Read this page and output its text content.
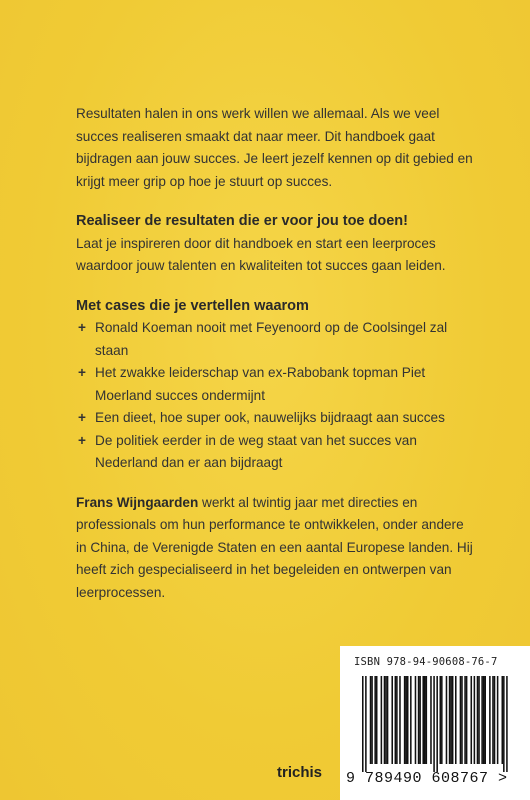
Resultaten halen in ons werk willen we allemaal. Als we veel succes realiseren smaakt dat naar meer. Dit handboek gaat bijdragen aan jouw succes. Je leert jezelf kennen op dit gebied en krijgt meer grip op hoe je stuurt op succes.

Realiseer de resultaten die er voor jou toe doen!

Laat je inspireren door dit handboek en start een leerproces waardoor jouw talenten en kwaliteiten tot succes gaan leiden.

Met cases die je vertellen waarom
+ Ronald Koeman nooit met Feyenoord op de Coolsingel zal staan
+ Het zwakke leiderschap van ex-Rabobank topman Piet Moerland succes ondermijnt
+ Een dieet, hoe super ook, nauwelijks bijdraagt aan succes
+ De politiek eerder in de weg staat van het succes van Nederland dan er aan bijdraagt

Frans Wijngaarden werkt al twintig jaar met directies en professionals om hun performance te ontwikkelen, onder andere in China, de Verenigde Staten en een aantal Europese landen. Hij heeft zich gespecialiseerd in het begeleiden en ontwerpen van leerprocessen.

trichis
ISBN 978-94-90608-76-7
9 789490 608767 >
